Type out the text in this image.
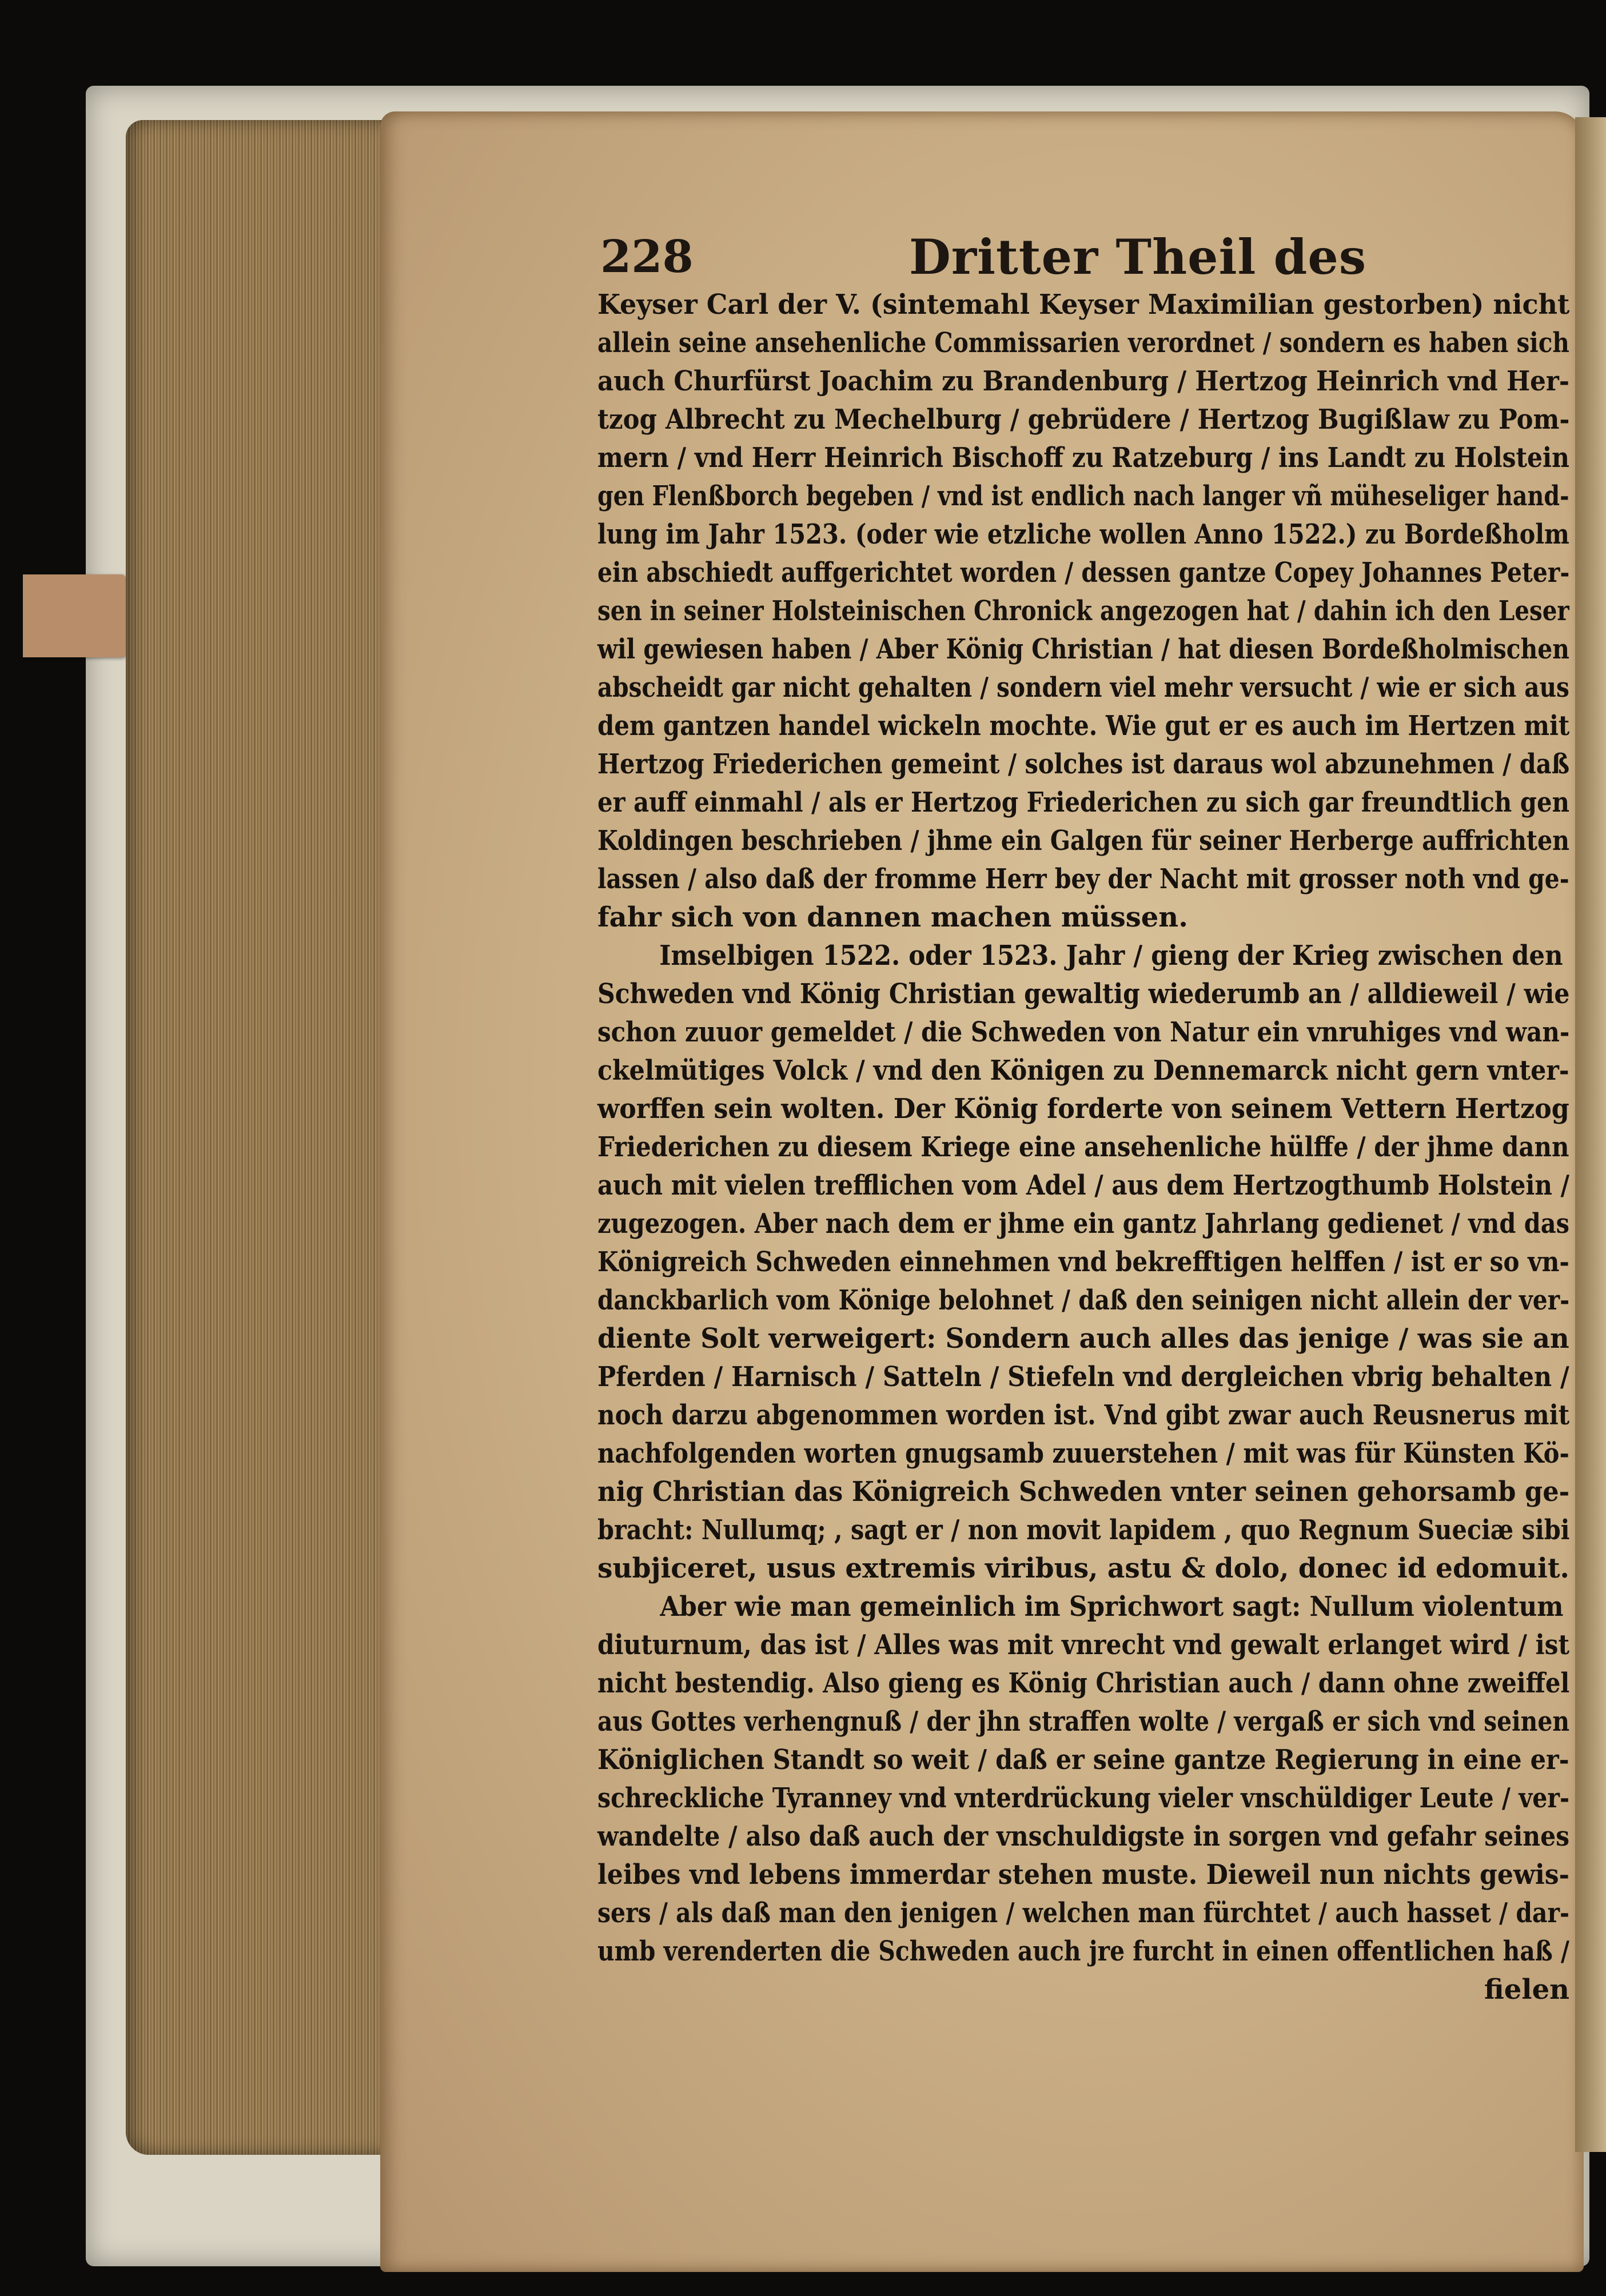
228	Dritter Theil des
Keyser Carl der V. (sintemahl Keyser Maximilian gestorben) nicht
allein seine ansehenliche Commissarien verordnet / sondern es haben sich
auch Churfürst Joachim zu Brandenburg / Hertzog Heinrich vnd Her-
tzog Albrecht zu Mechelburg / gebrüdere / Hertzog Bugißlaw zu Pom-
mern / vnd Herr Heinrich Bischoff zu Ratzeburg / ins Landt zu Holstein
gen Flenßborch begeben / vnd ist endlich nach langer vñ müheseliger hand-
lung im Jahr 1523. (oder wie etzliche wollen Anno 1522.) zu Bordeßholm
ein abschiedt auffgerichtet worden / dessen gantze Copey Johannes Peter-
sen in seiner Holsteinischen Chronick angezogen hat / dahin ich den Leser
wil gewiesen haben / Aber König Christian / hat diesen Bordeßholmischen
abscheidt gar nicht gehalten / sondern viel mehr versucht / wie er sich aus
dem gantzen handel wickeln mochte. Wie gut er es auch im Hertzen mit
Hertzog Friederichen gemeint / solches ist daraus wol abzunehmen / daß
er auff einmahl / als er Hertzog Friederichen zu sich gar freundtlich gen
Koldingen beschrieben / jhme ein Galgen für seiner Herberge auffrichten
lassen / also daß der fromme Herr bey der Nacht mit grosser noth vnd ge-
fahr sich von dannen machen müssen.
Imselbigen 1522. oder 1523. Jahr / gieng der Krieg zwischen den
Schweden vnd König Christian gewaltig wiederumb an / alldieweil / wie
schon zuuor gemeldet / die Schweden von Natur ein vnruhiges vnd wan-
ckelmütiges Volck / vnd den Königen zu Dennemarck nicht gern vnter-
worffen sein wolten. Der König forderte von seinem Vettern Hertzog
Friederichen zu diesem Kriege eine ansehenliche hülffe / der jhme dann
auch mit vielen trefflichen vom Adel / aus dem Hertzogthumb Holstein /
zugezogen. Aber nach dem er jhme ein gantz Jahrlang gedienet / vnd das
Königreich Schweden einnehmen vnd bekrefftigen helffen / ist er so vn-
danckbarlich vom Könige belohnet / daß den seinigen nicht allein der ver-
diente Solt verweigert: Sondern auch alles das jenige / was sie an
Pferden / Harnisch / Satteln / Stiefeln vnd dergleichen vbrig behalten /
noch darzu abgenommen worden ist. Vnd gibt zwar auch Reusnerus mit
nachfolgenden worten gnugsamb zuuerstehen / mit was für Künsten Kö-
nig Christian das Königreich Schweden vnter seinen gehorsamb ge-
bracht: Nullumq; , sagt er / non movit lapidem , quo Regnum Sueciæ sibi
subjiceret, usus extremis viribus, astu & dolo, donec id edomuit.
Aber wie man gemeinlich im Sprichwort sagt: Nullum violentum
diuturnum, das ist / Alles was mit vnrecht vnd gewalt erlanget wird / ist
nicht bestendig. Also gieng es König Christian auch / dann ohne zweiffel
aus Gottes verhengnuß / der jhn straffen wolte / vergaß er sich vnd seinen
Königlichen Standt so weit / daß er seine gantze Regierung in eine er-
schreckliche Tyranney vnd vnterdrückung vieler vnschüldiger Leute / ver-
wandelte / also daß auch der vnschuldigste in sorgen vnd gefahr seines
leibes vnd lebens immerdar stehen muste. Dieweil nun nichts gewis-
sers / als daß man den jenigen / welchen man fürchtet / auch hasset / dar-
umb verenderten die Schweden auch jre furcht in einen offentlichen haß /
fielen
